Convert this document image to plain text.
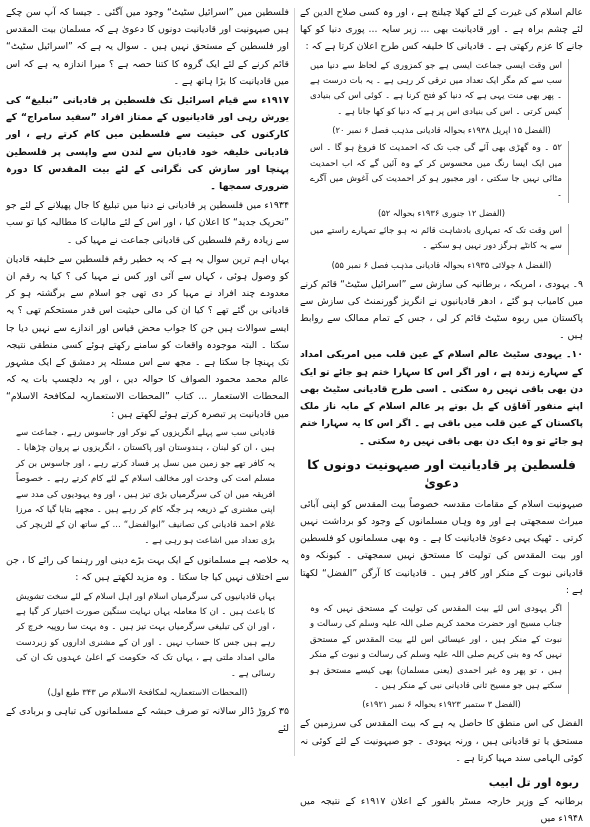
عالم اسلام کی غیرت کے لئے کھلا چیلنج ہے ، اور وہ کسی صلاح الدین کے لئے چشم براہ ہے ۔ اور قادیانیت بھی ... زیر سایہ ... پوری دنیا کو کھا جانے کا عزم رکھتی ہے ۔ قادیانی کا خلیفہ کس طرح اعلان کرتا ہے کہ :

اس وقت ایسی جماعت ایسی ہے جو کمزوری کے لحاظ سے دنیا میں سب سے کم مگر ایک تعداد میں ترقی کر رہی ہے ۔ یہ بات درست ہے ۔ پھر بھی منت یہی ہے کہ دنیا کو فتح کرنا ہے ۔ کوئی اس کی بنیادی کیس کرتی ۔ اس کی بنیادی اس پر ہے کہ دنیا کو کھا جانا ہے ۔
(الفضل ۱۵ اپریل ۱۹۳۸ء بحوالہ قادیانی مذہب فصل ۶ نمبر ۲۰)
۵۲ ۔ وہ گھڑی بھی آئے گی جب تک کہ احمدیت کا فروغ ہو گا ۔ اس میں ایک ایسا رنگ میں محسوس کر کے وہ آئیں گے کہ اب احمدیت مٹائی نہیں جا سکتی ، اور مجبور ہو کر احمدیت کی آغوش میں آگرے ۔
(الفضل ۱۲ جنوری ۱۹۳۶ء بحوالہ ۵۲)
اس وقت تک کہ تمہاری بادشاہت قائم نہ ہو جائے تمہارے راستے میں سے یہ کانٹے ہرگز دور نہیں ہو سکتے ۔
(الفضل ۸ جولائی ۱۹۳۵ء بحوالہ قادیانی مذہب فصل ۶ نمبر ۵۵)

۹۔ یہودی ، امریکہ ، برطانیہ کی سازش سے ”اسرائیل سٹیٹ“ قائم کرنے میں کامیاب ہو گئے ، ادھر قادیانیوں نے انگریز گورنمنٹ کی سازش سے پاکستان میں ربوہ سٹیٹ قائم کر لی ، جس کے تمام ممالک سے روابط ہیں ۔

۱۰۔ یہودی سٹیٹ عالم اسلام کے عین قلب میں امریکی امداد کے سہارے زندہ ہے ، اور اگر اس کا سہارا ختم ہو جائے تو ایک دن بھی باقی نہیں رہ سکتی ۔ اسی طرح قادیانی سٹیٹ بھی اپنے منفور آقاؤں کے بل بوتے پر عالم اسلام کے مابہ ناز ملک پاکستان کے عین قلب میں باقی ہے ۔ اگر اس کا یہ سہارا ختم ہو جائے تو وہ ایک دن بھی باقی نہیں رہ سکتی ۔

فلسطین پر قادیانیت اور صیہونیت دونوں کا دعویٰ

صیہونیت اسلام کے مقامات مقدسہ خصوصاً بیت المقدس کو اپنی آبائی میراث سمجھتی ہے اور وہ وہاں مسلمانوں کے وجود کو برداشت نہیں کرتی ۔ ٹھیک یہی دعویٰ قادیانیت کا ہے ۔ وہ بھی مسلمانوں کو فلسطین اور بیت المقدس کی تولیت کا مستحق نہیں سمجھتی ۔ کیونکہ وہ قادیانی نبوت کے منکر اور کافر ہیں ۔ قادیانیت کا آرگن ”الفضل“ لکھتا ہے :

اگر یہودی اس لئے بیت المقدس کی تولیت کے مستحق نہیں کہ وہ جناب مسیح اور حضرت محمد کریم صلی اللہ علیہ وسلم کی رسالت و نبوت کے منکر ہیں ، اور عیسائی اس لئے بیت المقدس کے مستحق نہیں کہ وہ بنی کریم صلی اللہ علیہ وسلم کی رسالت و نبوت کے منکر ہیں ، تو پھر وہ غیر احمدی (یعنی مسلمان) بھی کیسے مستحق ہو سکتے ہیں جو مسیح ثانی قادیانی نبی کے منکر ہیں ۔
(الفضل ۳ ستمبر ۱۹۲۳ء بحوالہ ۶ نمبر ۱۹۲۱ء)

الفضل کی اس منطق کا حاصل یہ ہے کہ بیت المقدس کی سرزمین کے مستحق یا تو قادیانی ہیں ، ورنہ یہودی ۔ جو صیہونیت کے لئے کوئی نہ کوئی الہامی سند مہیا کرتا ہے ۔

ربوہ اور تل ابیب

برطانیہ کے وزیر خارجہ مسٹر بالفور کے اعلان ۱۹۱۷ء کے نتیجہ میں ۱۹۴۸ء میں

فلسطین میں ”اسرائیل سٹیٹ“ وجود میں آگئی ۔ جیسا کہ آپ سن چکے ہیں صیہونیت اور قادیانیت دونوں کا دعویٰ ہے کہ مسلمان بیت المقدس اور فلسطین کے مستحق نہیں ہیں ۔ سوال یہ ہے کہ ”اسرائیل سٹیٹ“ قائم کرنے کے لئے ایک گروہ کا کتنا حصہ ہے ؟ میرا اندازہ یہ ہے کہ اس میں قادیانیت کا بڑا ہاتھ ہے ۔

۱۹۱۷ء سے قیام اسرائیل تک فلسطین پر قادیانی ”تبلیغ“ کی یورش رہی اور قادیانیوں کے ممتاز افراد ”سفید سامراج“ کے کارکنوں کی حیثیت سے فلسطین میں کام کرتے رہے ، اور قادیانی خلیفہ خود قادیان سے لندن سے واپسی پر فلسطین پہنچا اور سازش کی نگرانی کے لئے بیت المقدس کا دورہ ضروری سمجھا ۔

۱۹۳۴ء میں فلسطین پر قادیانی نے دنیا میں تبلیغ کا جال پھیلانے کے لئے جو ”تحریک جدید“ کا اعلان کیا ، اور اس کے لئے مالیات کا مطالبہ کیا تو سب سے زیادہ رقم فلسطین کی قادیانی جماعت نے مہیا کی ۔

یہاں اہم ترین سوال یہ ہے کہ یہ خطیر رقم فلسطین سے خلیفہ قادیان کو وصول ہوئی ، کہاں سے آئی اور کس نے مہیا کی ؟ کیا یہ رقم ان معدودے چند افراد نے مہیا کر دی تھی جو اسلام سے برگشتہ ہو کر قادیانی بن گئے تھے ؟ کیا ان کی مالی حیثیت اس قدر مستحکم تھی ؟ یہ ایسے سوالات ہیں جن کا جواب محض قیاس اور اندازے سے نہیں دیا جا سکتا ۔ البتہ موجودہ واقعات کو سامنے رکھتے ہوئے کسی منطقی نتیجہ تک پہنچا جا سکتا ہے ۔ مجھ سے اس مسئلہ پر دمشق کے ایک مشہور عالم محمد محمود الصواف کا حوالہ دیں ، اور یہ دلچسپ بات یہ کہ المحطات الاستعمار ... کتاب ”المحطات الاستعماریہ لمکافحۃ الاسلام“ میں قادیانیت پر تبصرہ کرتے ہوئے لکھتے ہیں :

قادیانی سب سے پہلے انگریزوں کے نوکر اور جاسوس رہے ، جماعت سے ہیں ، ان کو لبنان ، ہندوستان اور پاکستان ، انگریزوں نے پروان چڑھایا ۔ یہ کافر تھے جو زمین میں نسل پر فساد کرتے رہے ، اور جاسوس بن کر مسلم امت کی وحدت اور مخالف اسلام کے لئے کام کرتے رہے ۔ خصوصاً افریقہ میں ان کی سرگرمیاں بڑی تیز ہیں ، اور وہ یہودیوں کی مدد سے اپنی مشنری کے ذریعہ ہر جگہ کام کر رہے ہیں ۔ مجھے بتایا گیا کہ مرزا غلام احمد قادیانی کی تصانیف ”ابوالفضل“ ... کے ساتھ ان کے لٹریچر کی بڑی تعداد میں اشاعت ہو رہی ہے ۔

یہ خلاصہ ہے مسلمانوں کے ایک بہت بڑے دینی اور رہنما کی رائے کا ، جن سے اختلاف نہیں کیا جا سکتا ۔ وہ مزید لکھتے ہیں کہ :

یہاں قادیانیوں کی سرگرمیاں اسلام اور اہل اسلام کے لئے سخت تشویش کا باعث ہیں ۔ ان کا معاملہ یہاں نہایت سنگین صورت اختیار کر گیا ہے ، اور ان کی تبلیغی سرگرمیاں بہت تیز ہیں ۔ وہ بہت سا روپیہ خرچ کر رہے ہیں جس کا حساب نہیں ۔ اور ان کے مشنری اداروں کو زبردست مالی امداد ملتی ہے ، یہاں تک کہ حکومت کے اعلیٰ عہدوں تک ان کی رسائی ہے ۔
(المحطات الاستعماریہ لمکافحۃ الاسلام ص ۳۴۳ طبع اول)

۳۵ کروڑ ڈالر سالانہ تو صرف حبشہ کے مسلمانوں کی تباہی و بربادی کے لئے
